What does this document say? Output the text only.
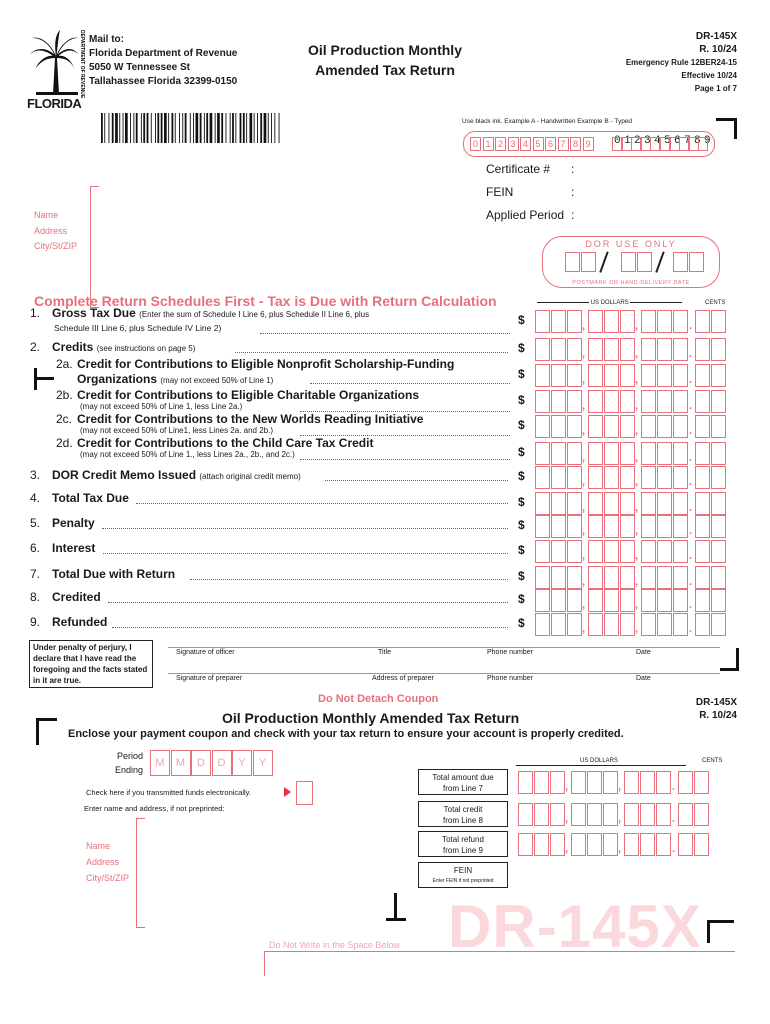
DEPARTMENT OF REVENUE
FLORIDA
Mail to:
Florida Department of Revenue
5050 W Tennessee St
Tallahassee Florida 32399-0150
Oil Production Monthly
Amended Tax Return
DR-145X
R. 10/24
Emergency Rule 12BER24-15
Effective 10/24
Page 1 of 7
Use black ink. Example A - Handwritten Example B - Typed
0 1 2 3 4 5 6 7 8 9 0123456789
Certificate # :
FEIN	:
Applied Period :
Name
Address
City/St/ZIP	DOR USE ONLY
POSTMARK OR HAND-DELIVERY DATE
Complete Return Schedules First - Tax is Due with Return Calculation	US DOLLARS	CENTS
1. Gross Tax Due (Enter the sum of Schedule I Line 6, plus Schedule II Line 6, plus
Schedule III Line 6, plus Schedule IV Line 2)
$	,	,	.
2. Credits (see instructions on page 5)	$	,	,	.
2a. Credit for Contributions to Eligible Nonprofit Scholarship-Funding
Organizations (may not exceed 50% of Line 1)	$	,	,	.
2b. Credit for Contributions to Eligible Charitable Organizations
(may not exceed 50% of Line 1, less Line 2a.)	$	,	,	.
2c. Credit for Contributions to the New Worlds Reading Initiative
(may not exceed 50% of Line1, less Lines 2a. and 2b.)	$	,	,	.
2d. Credit for Contributions to the Child Care Tax Credit
(may not exceed 50% of Line 1., less Lines 2a., 2b., and 2c.)	$	,	,	.
3. DOR Credit Memo Issued (attach original credit memo)	$	,	,	.
4. Total Tax Due	$	,	,	.
5. Penalty	$	,	,	.
6. Interest	$	,	,	.
7. Total Due with Return	$	,	,	.
8. Credited	$	,	,	.
9. Refunded	$	,	,	.
Under penalty of perjury, I declare that I have read the foregoing and the facts stated in it are true.
Signature of officer	Title	Phone number	Date
Signature of preparer	Address of preparer	Phone number	Date
Do Not Detach Coupon	DR-145X
R. 10/24
Oil Production Monthly Amended Tax Return
Enclose your payment coupon and check with your tax return to ensure your account is properly credited.
Period
Ending
M	M	D	D	Y	Y
Check here if you transmitted funds electronically.
Enter name and address, if not preprinted:
Name
Address
City/St/ZIP
US DOLLARS	CENTS
Total amount due
from Line 7	,	,	.
Total credit
from Line 8	,	,	.
Total refund
from Line 9	,	,	.
FEIN
Enter FEIN if not preprinted
DR-145X
Do Not Write in the Space Below
